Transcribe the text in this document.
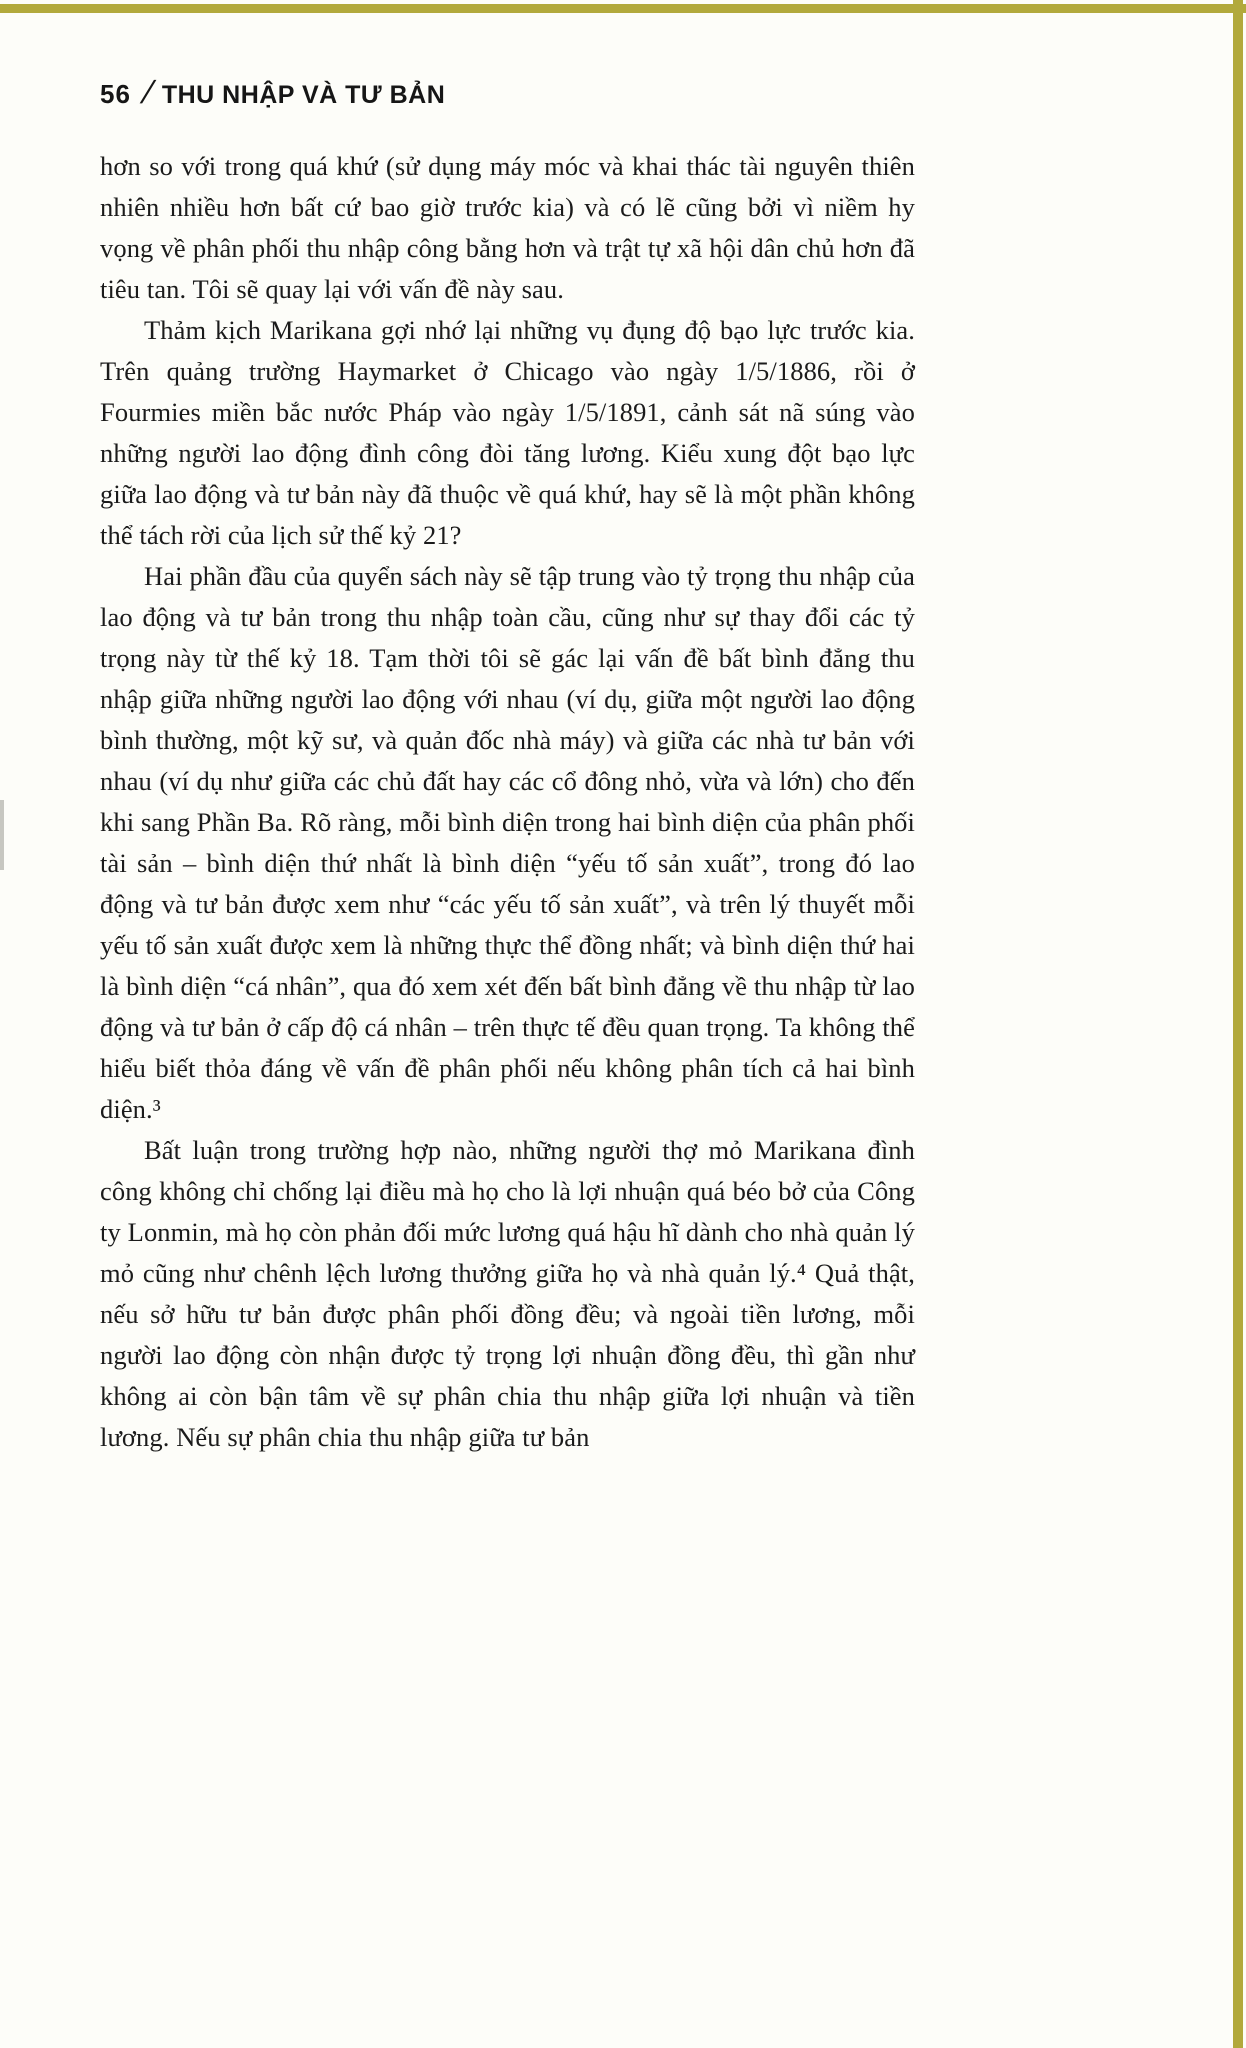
56 / THU NHẬP VÀ TƯ BẢN

hơn so với trong quá khứ (sử dụng máy móc và khai thác tài nguyên thiên nhiên nhiều hơn bất cứ bao giờ trước kia) và có lẽ cũng bởi vì niềm hy vọng về phân phối thu nhập công bằng hơn và trật tự xã hội dân chủ hơn đã tiêu tan. Tôi sẽ quay lại với vấn đề này sau.

Thảm kịch Marikana gợi nhớ lại những vụ đụng độ bạo lực trước kia. Trên quảng trường Haymarket ở Chicago vào ngày 1/5/1886, rồi ở Fourmies miền bắc nước Pháp vào ngày 1/5/1891, cảnh sát nã súng vào những người lao động đình công đòi tăng lương. Kiểu xung đột bạo lực giữa lao động và tư bản này đã thuộc về quá khứ, hay sẽ là một phần không thể tách rời của lịch sử thế kỷ 21?

Hai phần đầu của quyển sách này sẽ tập trung vào tỷ trọng thu nhập của lao động và tư bản trong thu nhập toàn cầu, cũng như sự thay đổi các tỷ trọng này từ thế kỷ 18. Tạm thời tôi sẽ gác lại vấn đề bất bình đẳng thu nhập giữa những người lao động với nhau (ví dụ, giữa một người lao động bình thường, một kỹ sư, và quản đốc nhà máy) và giữa các nhà tư bản với nhau (ví dụ như giữa các chủ đất hay các cổ đông nhỏ, vừa và lớn) cho đến khi sang Phần Ba. Rõ ràng, mỗi bình diện trong hai bình diện của phân phối tài sản – bình diện thứ nhất là bình diện “yếu tố sản xuất”, trong đó lao động và tư bản được xem như “các yếu tố sản xuất”, và trên lý thuyết mỗi yếu tố sản xuất được xem là những thực thể đồng nhất; và bình diện thứ hai là bình diện “cá nhân”, qua đó xem xét đến bất bình đẳng về thu nhập từ lao động và tư bản ở cấp độ cá nhân – trên thực tế đều quan trọng. Ta không thể hiểu biết thỏa đáng về vấn đề phân phối nếu không phân tích cả hai bình diện.³

Bất luận trong trường hợp nào, những người thợ mỏ Marikana đình công không chỉ chống lại điều mà họ cho là lợi nhuận quá béo bở của Công ty Lonmin, mà họ còn phản đối mức lương quá hậu hĩ dành cho nhà quản lý mỏ cũng như chênh lệch lương thưởng giữa họ và nhà quản lý.⁴ Quả thật, nếu sở hữu tư bản được phân phối đồng đều; và ngoài tiền lương, mỗi người lao động còn nhận được tỷ trọng lợi nhuận đồng đều, thì gần như không ai còn bận tâm về sự phân chia thu nhập giữa lợi nhuận và tiền lương. Nếu sự phân chia thu nhập giữa tư bản
